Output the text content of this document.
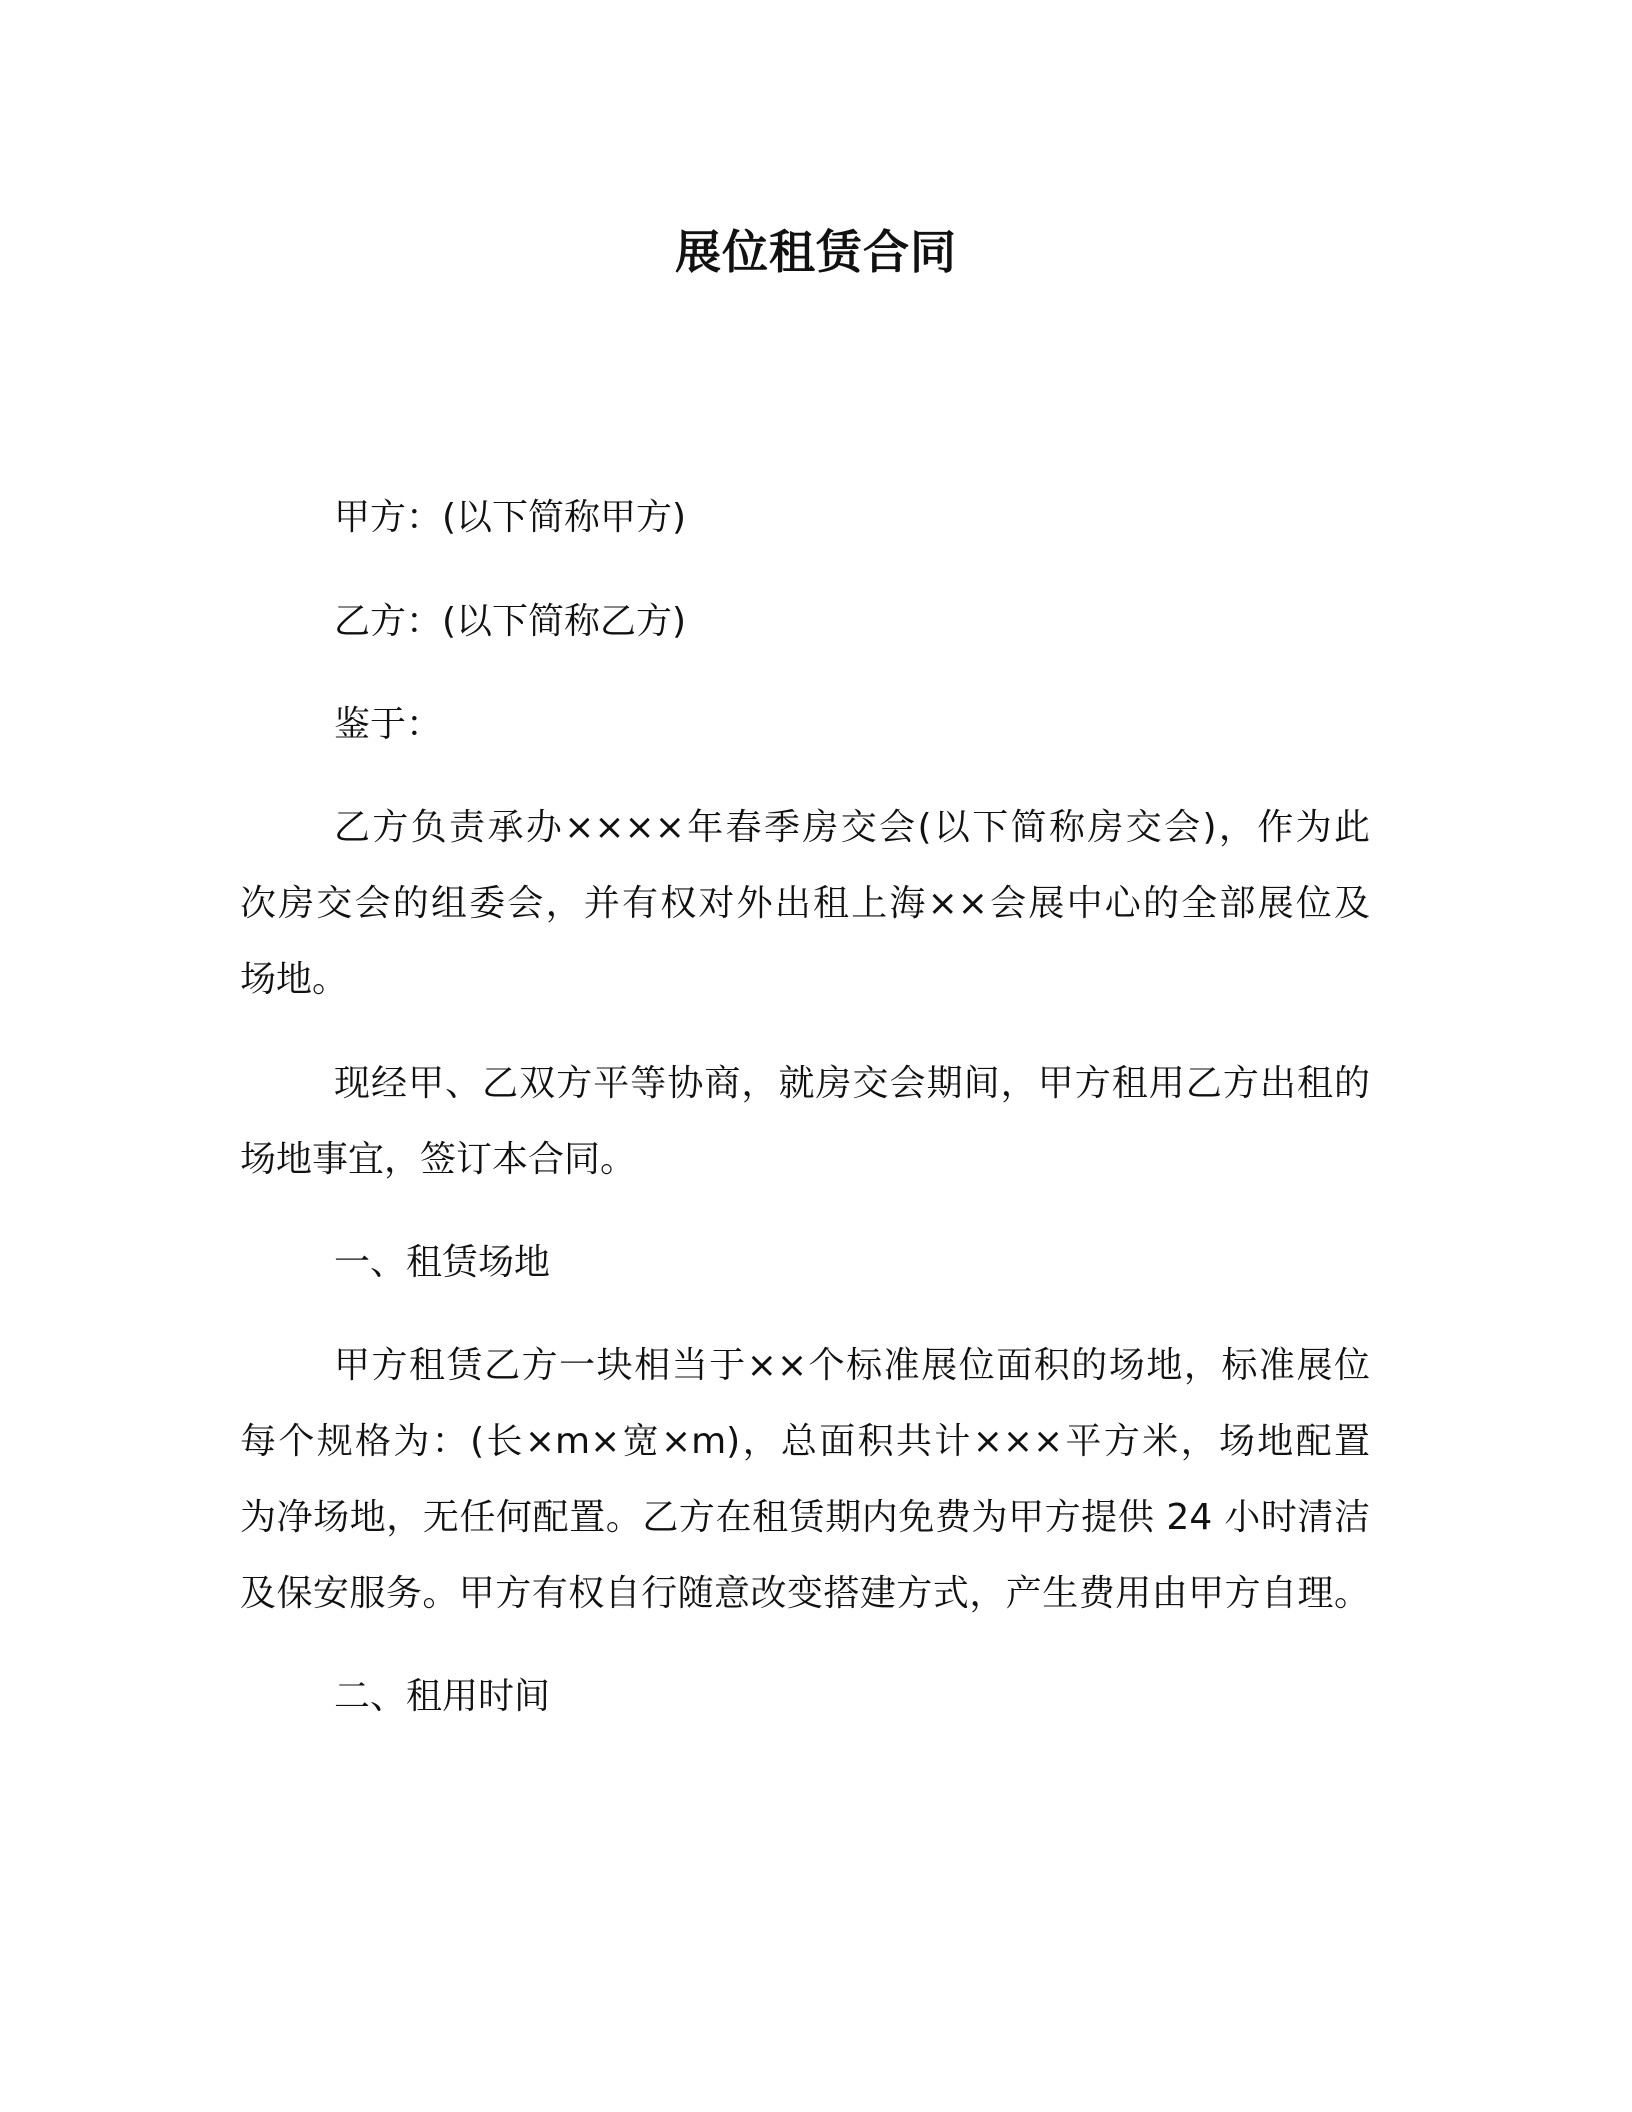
展位租赁合同
甲方：(以下简称甲方)
乙方：(以下简称乙方)
鉴于：
乙方负责承办××××年春季房交会(以下简称房交会)，作为此
次房交会的组委会，并有权对外出租上海××会展中心的全部展位及
场地。
现经甲、乙双方平等协商，就房交会期间，甲方租用乙方出租的
场地事宜，签订本合同。
一、租赁场地
甲方租赁乙方一块相当于××个标准展位面积的场地，标准展位
每个规格为：(长×m×宽×m)，总面积共计×××平方米，场地配置
为净场地，无任何配置。乙方在租赁期内免费为甲方提供 24 小时清洁
及保安服务。甲方有权自行随意改变搭建方式，产生费用由甲方自理。
二、租用时间
